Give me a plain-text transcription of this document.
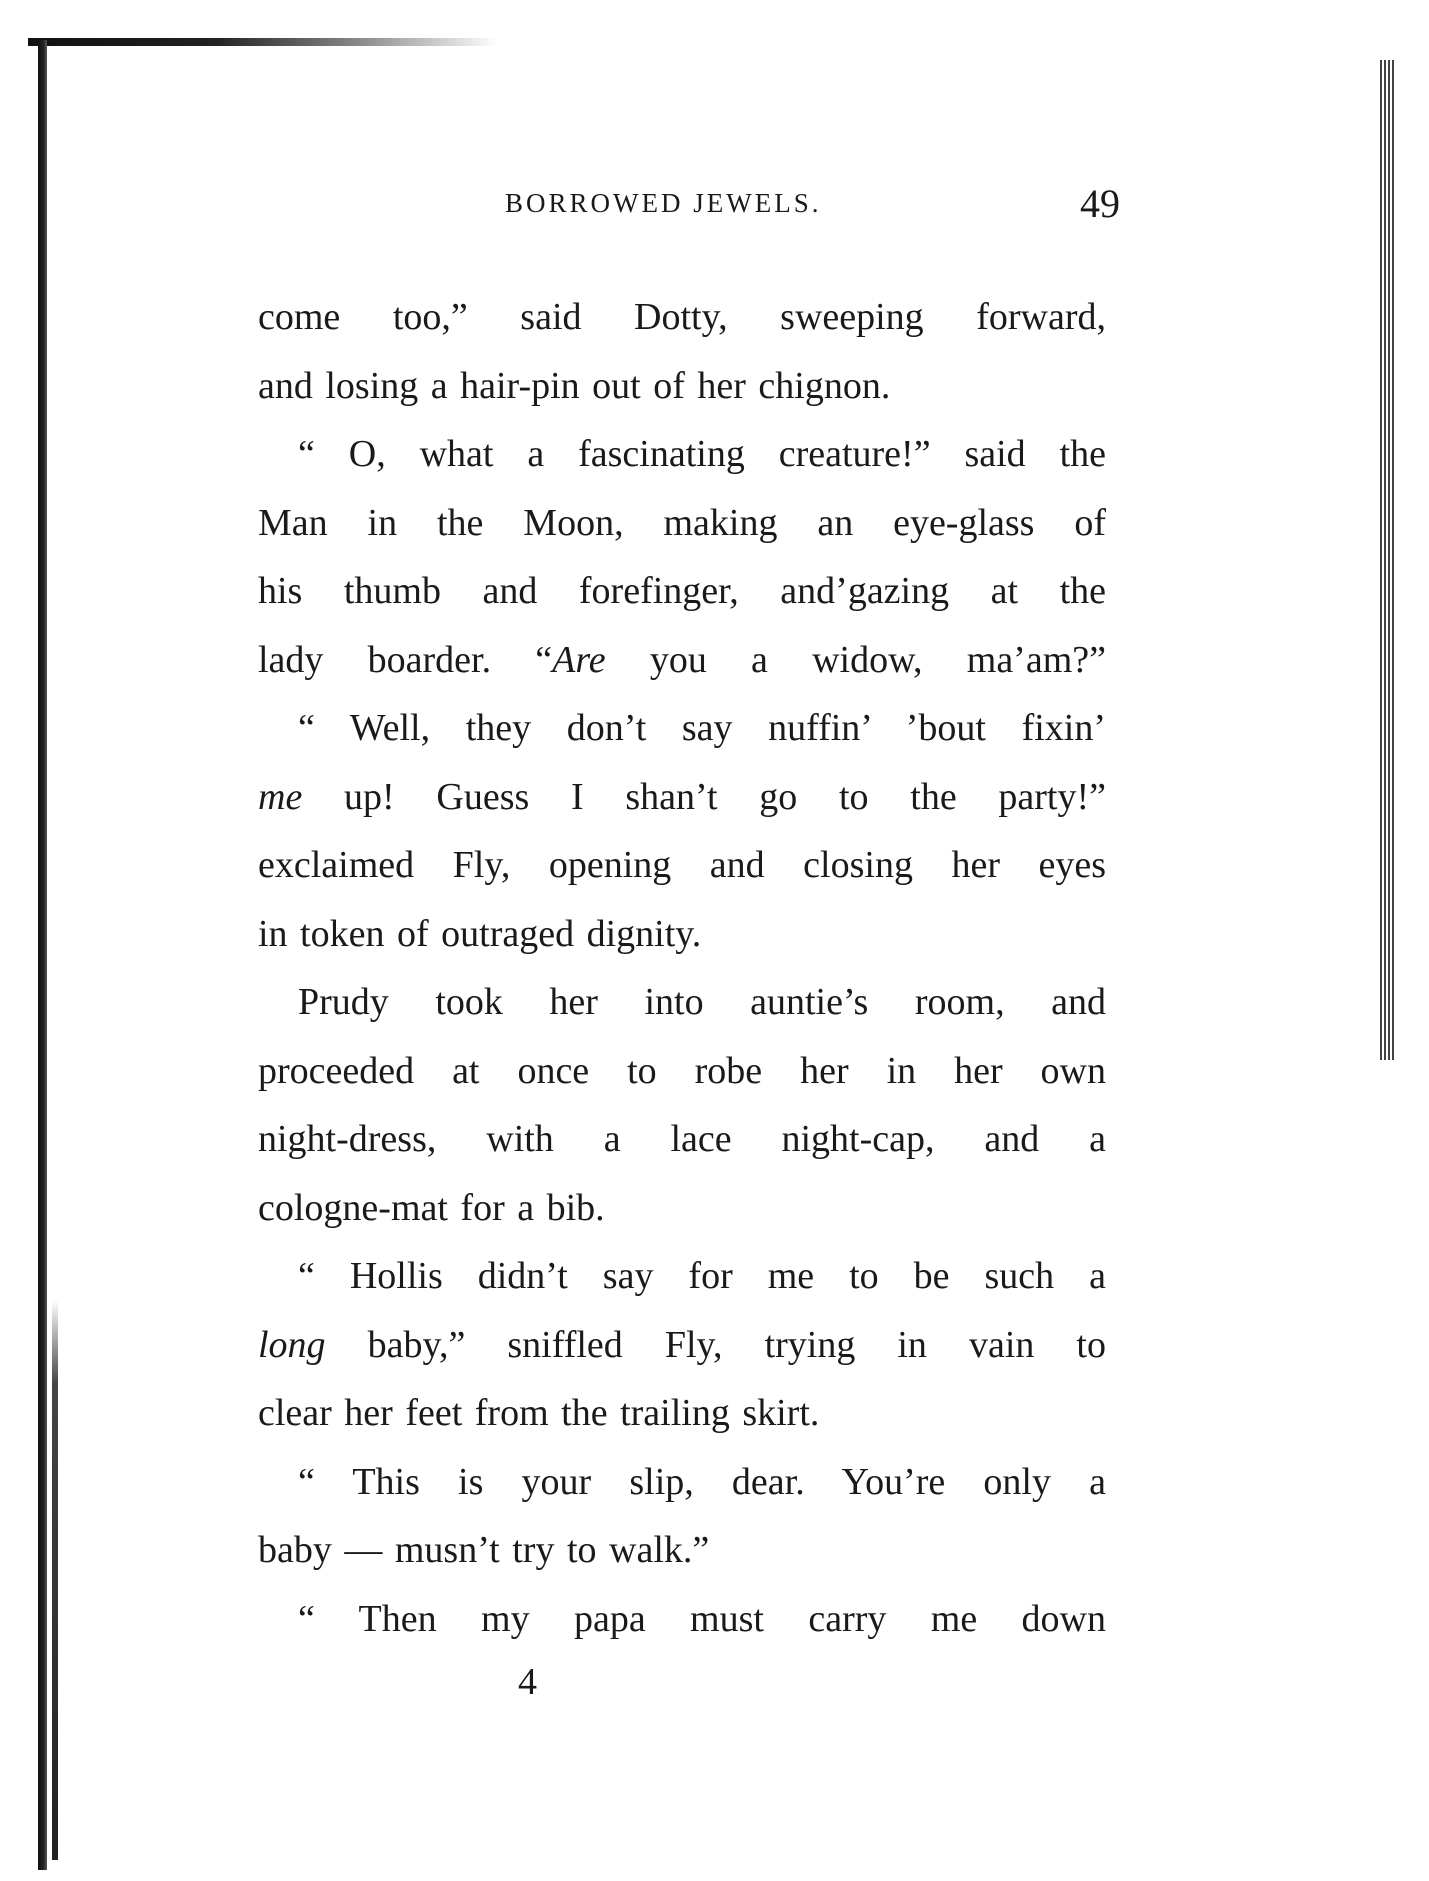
BORROWED JEWELS.	49
come too,” said Dotty, sweeping forward,
and losing a hair-pin out of her chignon.
“ O, what a fascinating creature!” said the
Man in the Moon, making an eye-glass of
his thumb and forefinger, and’gazing at the
lady boarder. “Are you a widow, ma’am?”
“ Well, they don’t say nuffin’ ’bout fixin’
me up! Guess I shan’t go to the party!”
exclaimed Fly, opening and closing her eyes
in token of outraged dignity.
Prudy took her into auntie’s room, and
proceeded at once to robe her in her own
night-dress, with a lace night-cap, and a
cologne-mat for a bib.
“ Hollis didn’t say for me to be such a
long baby,” sniffled Fly, trying in vain to
clear her feet from the trailing skirt.
“ This is your slip, dear. You’re only a
baby — musn’t try to walk.”
“ Then my papa must carry me down
4
